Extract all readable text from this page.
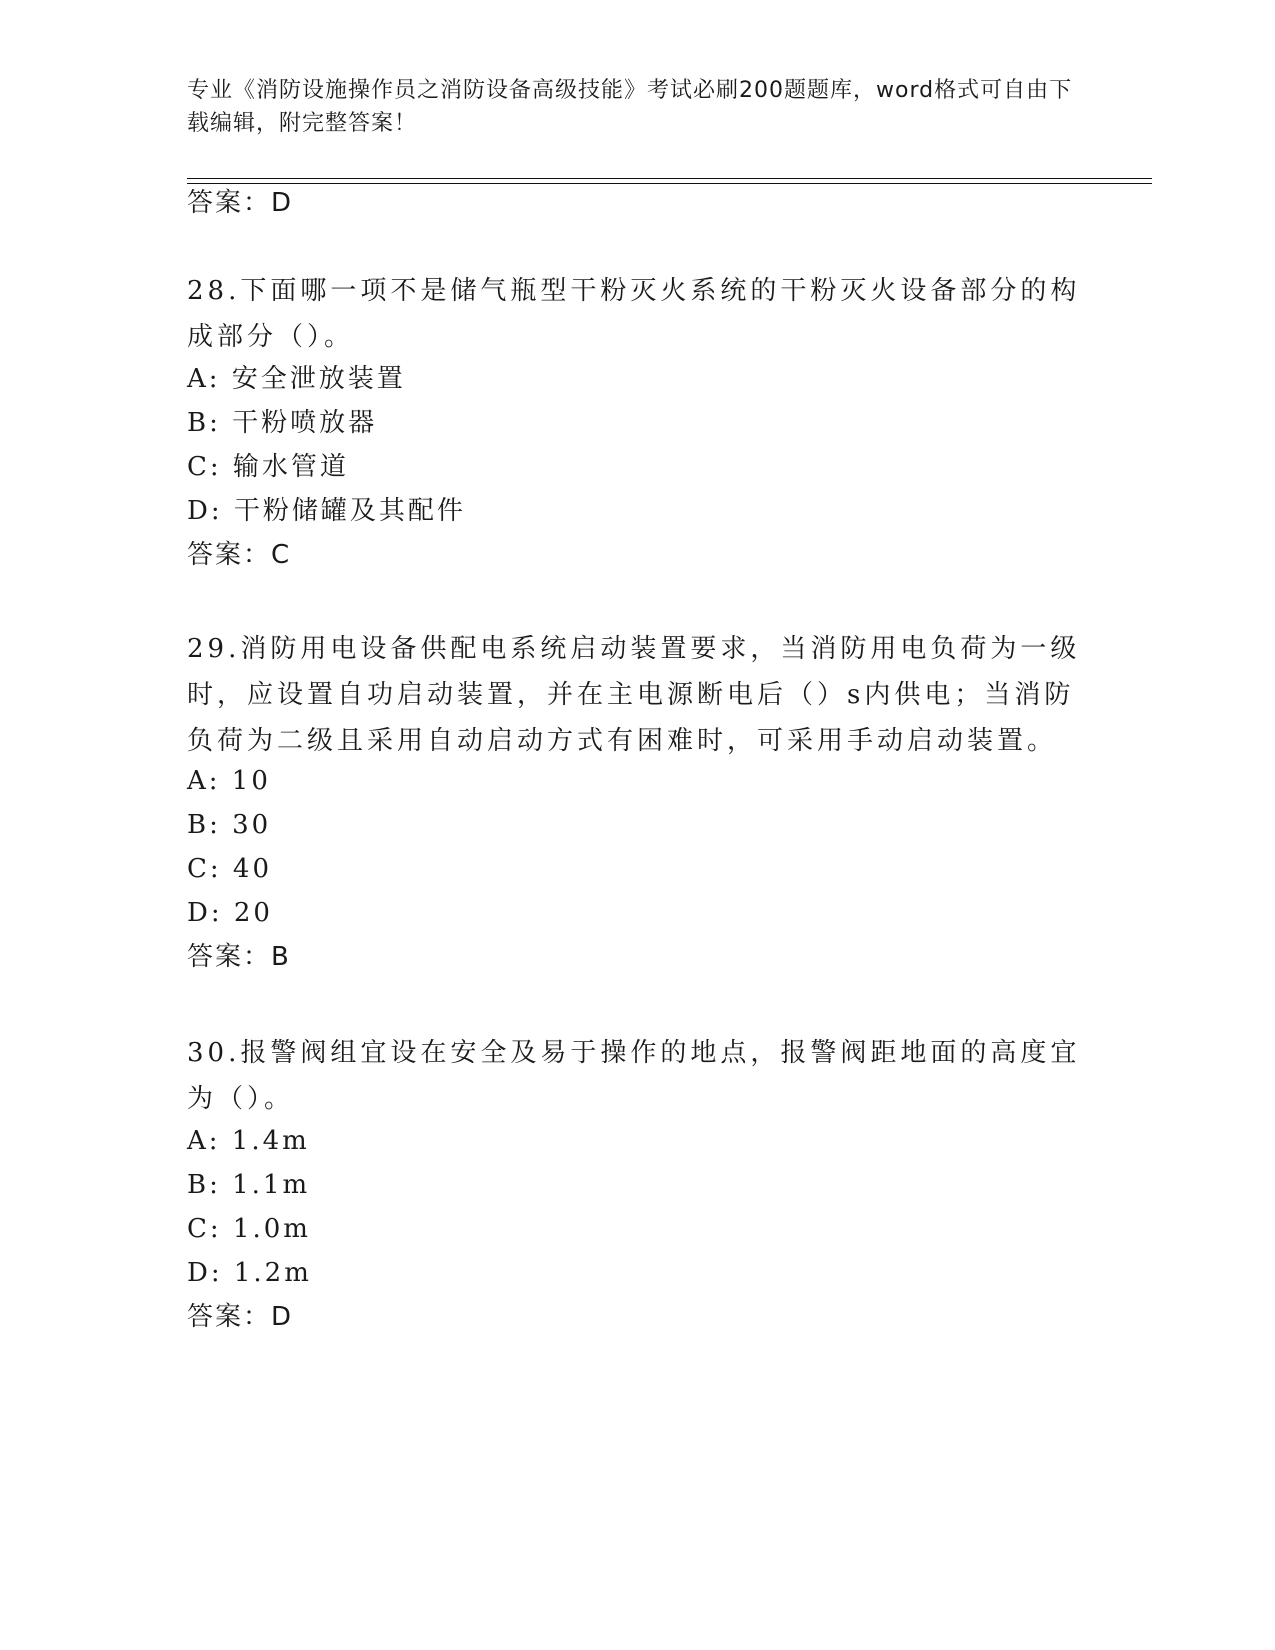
专业《消防设施操作员之消防设备高级技能》考试必刷200题题库，word格式可自由下载编辑，附完整答案！
答案：D
28.下面哪一项不是储气瓶型干粉灭火系统的干粉灭火设备部分的构成部分（）。
A: 安全泄放装置
B: 干粉喷放器
C: 输水管道
D: 干粉储罐及其配件
答案：C
29.消防用电设备供配电系统启动装置要求，当消防用电负荷为一级时，应设置自功启动装置，并在主电源断电后（）s内供电；当消防负荷为二级且采用自动启动方式有困难时，可采用手动启动装置。
A: 10
B: 30
C: 40
D: 20
答案：B
30.报警阀组宜设在安全及易于操作的地点，报警阀距地面的高度宜为（）。
A: 1.4m
B: 1.1m
C: 1.0m
D: 1.2m
答案：D
